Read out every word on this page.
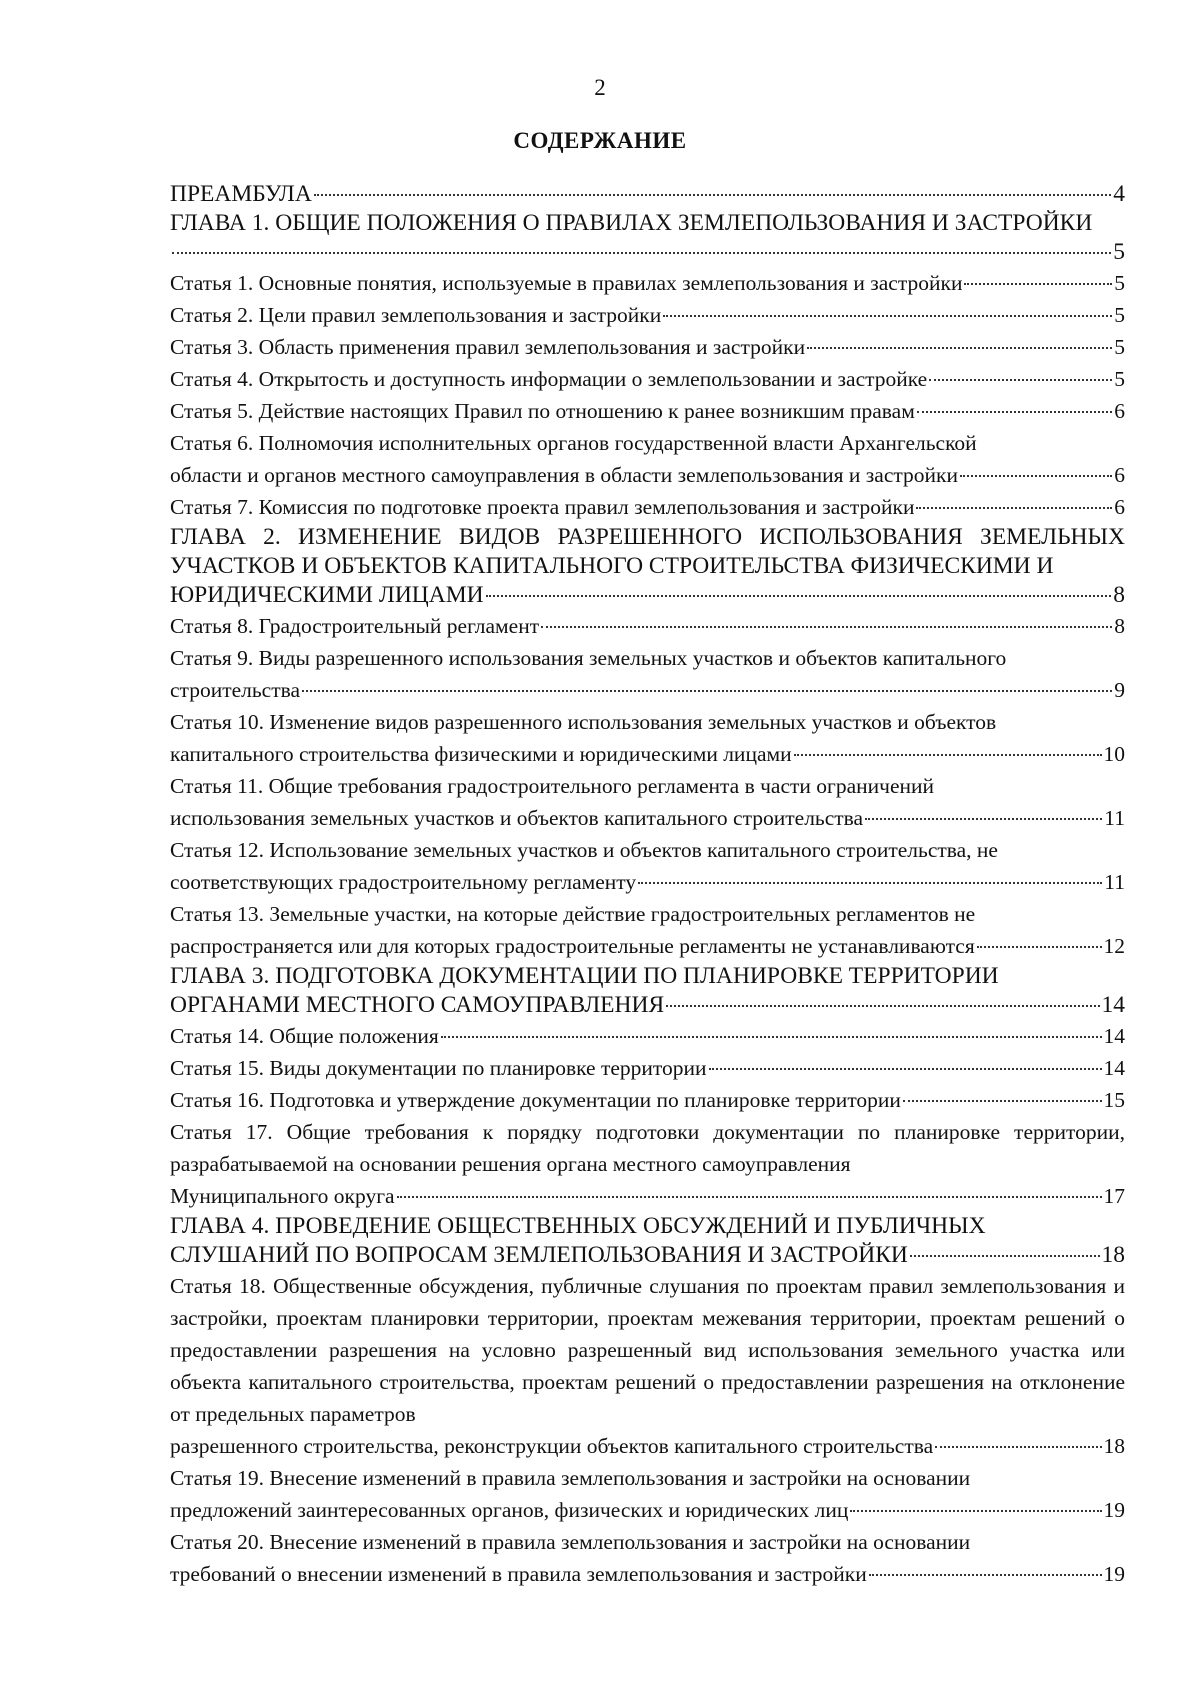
2
СОДЕРЖАНИЕ
ПРЕАМБУЛА	4
ГЛАВА 1. ОБЩИЕ ПОЛОЖЕНИЯ О ПРАВИЛАХ ЗЕМЛЕПОЛЬЗОВАНИЯ И ЗАСТРОЙКИ
5
Статья 1. Основные понятия, используемые в правилах землепользования и застройки	5
Статья 2. Цели правил землепользования и застройки	5
Статья 3. Область применения правил землепользования и застройки	5
Статья 4. Открытость и доступность информации о землепользовании и застройке	5
Статья 5. Действие настоящих Правил по отношению к ранее возникшим правам	6
Статья 6. Полномочия исполнительных органов государственной власти Архангельской
области и органов местного самоуправления в области землепользования и застройки	6
Статья 7. Комиссия по подготовке проекта правил землепользования и застройки	6
ГЛАВА 2. ИЗМЕНЕНИЕ ВИДОВ РАЗРЕШЕННОГО ИСПОЛЬЗОВАНИЯ ЗЕМЕЛЬНЫХ УЧАСТКОВ И ОБЪЕКТОВ КАПИТАЛЬНОГО СТРОИТЕЛЬСТВА ФИЗИЧЕСКИМИ И
ЮРИДИЧЕСКИМИ ЛИЦАМИ	8
Статья 8. Градостроительный регламент	8
Статья 9. Виды разрешенного использования земельных участков и объектов капитального
строительства	9
Статья 10. Изменение видов разрешенного использования земельных участков и объектов
капитального строительства физическими и юридическими лицами	10
Статья 11. Общие требования градостроительного регламента в части ограничений
использования земельных участков и объектов капитального строительства	11
Статья 12. Использование земельных участков и объектов капитального строительства, не
соответствующих градостроительному регламенту	11
Статья 13. Земельные участки, на которые действие градостроительных регламентов не
распространяется или для которых градостроительные регламенты не устанавливаются	12
ГЛАВА 3. ПОДГОТОВКА ДОКУМЕНТАЦИИ ПО ПЛАНИРОВКЕ ТЕРРИТОРИИ
ОРГАНАМИ МЕСТНОГО САМОУПРАВЛЕНИЯ	14
Статья 14. Общие положения	14
Статья 15. Виды документации по планировке территории	14
Статья 16. Подготовка и утверждение документации по планировке территории	15
Статья 17. Общие требования к порядку подготовки документации по планировке территории, разрабатываемой на основании решения органа местного самоуправления
Муниципального округа	17
ГЛАВА 4. ПРОВЕДЕНИЕ ОБЩЕСТВЕННЫХ ОБСУЖДЕНИЙ И ПУБЛИЧНЫХ
СЛУШАНИЙ ПО ВОПРОСАМ ЗЕМЛЕПОЛЬЗОВАНИЯ И ЗАСТРОЙКИ	18
Статья 18. Общественные обсуждения, публичные слушания по проектам правил землепользования и застройки, проектам планировки территории, проектам межевания территории, проектам решений о предоставлении разрешения на условно разрешенный вид использования земельного участка или объекта капитального строительства, проектам решений о предоставлении разрешения на отклонение от предельных параметров
разрешенного строительства, реконструкции объектов капитального строительства	18
Статья 19. Внесение изменений в правила землепользования и застройки на основании
предложений заинтересованных органов, физических и юридических лиц	19
Статья 20. Внесение изменений в правила землепользования и застройки на основании
требований о внесении изменений в правила землепользования и застройки	19
